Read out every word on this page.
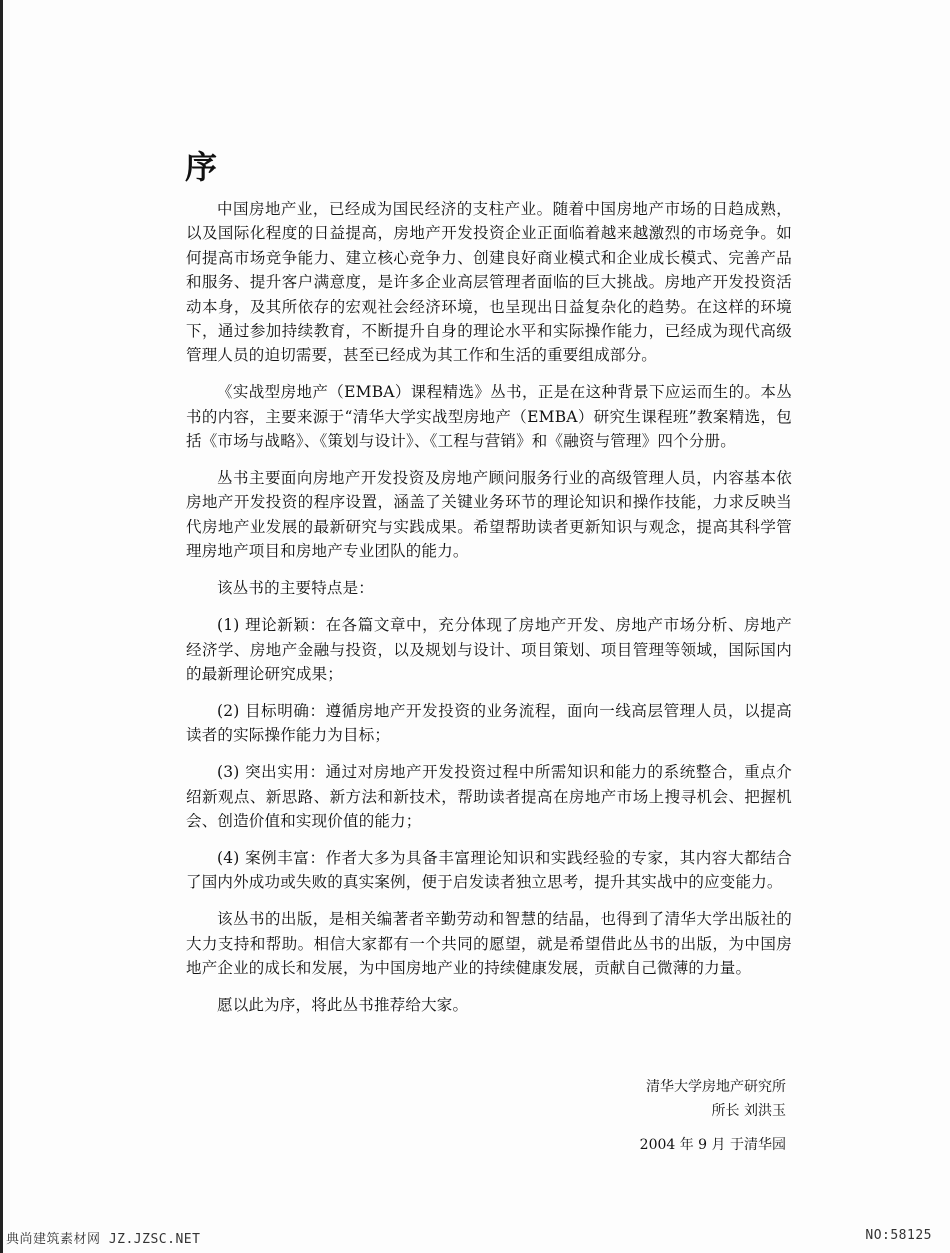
序

中国房地产业，已经成为国民经济的支柱产业。随着中国房地产市场的日趋成熟，以及国际化程度的日益提高，房地产开发投资企业正面临着越来越激烈的市场竞争。如何提高市场竞争能力、建立核心竞争力、创建良好商业模式和企业成长模式、完善产品和服务、提升客户满意度，是许多企业高层管理者面临的巨大挑战。房地产开发投资活动本身，及其所依存的宏观社会经济环境，也呈现出日益复杂化的趋势。在这样的环境下，通过参加持续教育，不断提升自身的理论水平和实际操作能力，已经成为现代高级管理人员的迫切需要，甚至已经成为其工作和生活的重要组成部分。

《实战型房地产（EMBA）课程精选》丛书，正是在这种背景下应运而生的。本丛书的内容，主要来源于“清华大学实战型房地产（EMBA）研究生课程班”教案精选，包括《市场与战略》、《策划与设计》、《工程与营销》和《融资与管理》四个分册。

丛书主要面向房地产开发投资及房地产顾问服务行业的高级管理人员，内容基本依房地产开发投资的程序设置，涵盖了关键业务环节的理论知识和操作技能，力求反映当代房地产业发展的最新研究与实践成果。希望帮助读者更新知识与观念，提高其科学管理房地产项目和房地产专业团队的能力。

该丛书的主要特点是：

(1) 理论新颖：在各篇文章中，充分体现了房地产开发、房地产市场分析、房地产经济学、房地产金融与投资，以及规划与设计、项目策划、项目管理等领域，国际国内的最新理论研究成果；

(2) 目标明确：遵循房地产开发投资的业务流程，面向一线高层管理人员，以提高读者的实际操作能力为目标；

(3) 突出实用：通过对房地产开发投资过程中所需知识和能力的系统整合，重点介绍新观点、新思路、新方法和新技术，帮助读者提高在房地产市场上搜寻机会、把握机会、创造价值和实现价值的能力；

(4) 案例丰富：作者大多为具备丰富理论知识和实践经验的专家，其内容大都结合了国内外成功或失败的真实案例，便于启发读者独立思考，提升其实战中的应变能力。

该丛书的出版，是相关编著者辛勤劳动和智慧的结晶，也得到了清华大学出版社的大力支持和帮助。相信大家都有一个共同的愿望，就是希望借此丛书的出版，为中国房地产企业的成长和发展，为中国房地产业的持续健康发展，贡献自己微薄的力量。

愿以此为序，将此丛书推荐给大家。

清华大学房地产研究所
所长 刘洪玉
2004 年 9 月 于清华园
典尚建筑素材网 JZ.JZSC.NET	NO:58125
